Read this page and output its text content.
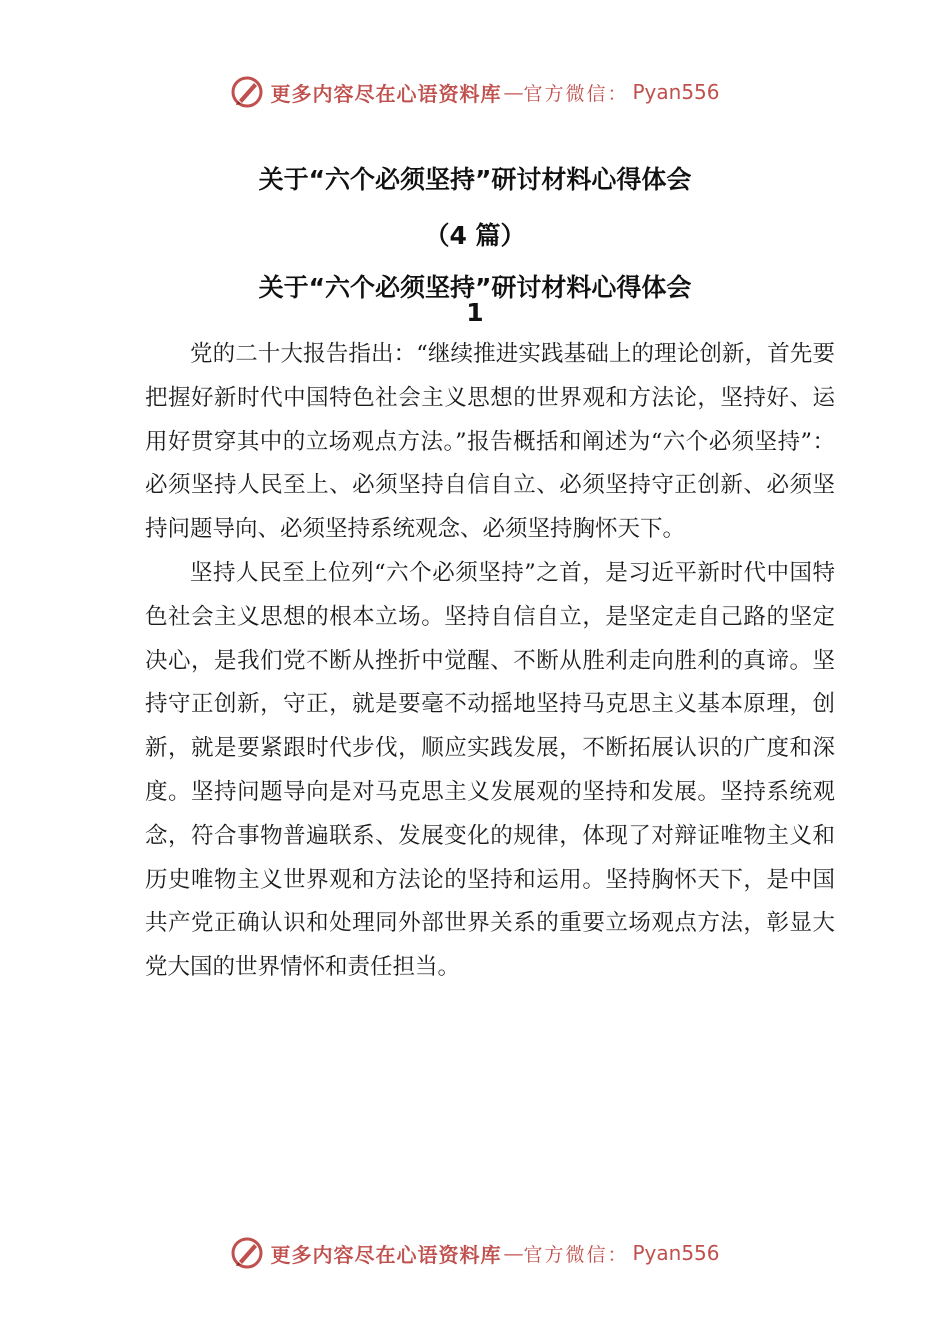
更多内容尽在心语资料库 — 官方微信： Pyan556
关于“六个必须坚持”研讨材料心得体会
（4 篇）
关于“六个必须坚持”研讨材料心得体会
1

党的二十大报告指出：“继续推进实践基础上的理论创新，首先要把握好新时代中国特色社会主义思想的世界观和方法论，坚持好、运用好贯穿其中的立场观点方法。”报告概括和阐述为“六个必须坚持”：必须坚持人民至上、必须坚持自信自立、必须坚持守正创新、必须坚持问题导向、必须坚持系统观念、必须坚持胸怀天下。

坚持人民至上位列“六个必须坚持”之首，是习近平新时代中国特色社会主义思想的根本立场。坚持自信自立，是坚定走自己路的坚定决心，是我们党不断从挫折中觉醒、不断从胜利走向胜利的真谛。坚持守正创新，守正，就是要毫不动摇地坚持马克思主义基本原理，创新，就是要紧跟时代步伐，顺应实践发展，不断拓展认识的广度和深度。坚持问题导向是对马克思主义发展观的坚持和发展。坚持系统观念，符合事物普遍联系、发展变化的规律，体现了对辩证唯物主义和历史唯物主义世界观和方法论的坚持和运用。坚持胸怀天下，是中国共产党正确认识和处理同外部世界关系的重要立场观点方法，彰显大党大国的世界情怀和责任担当。

更多内容尽在心语资料库 — 官方微信： Pyan556
